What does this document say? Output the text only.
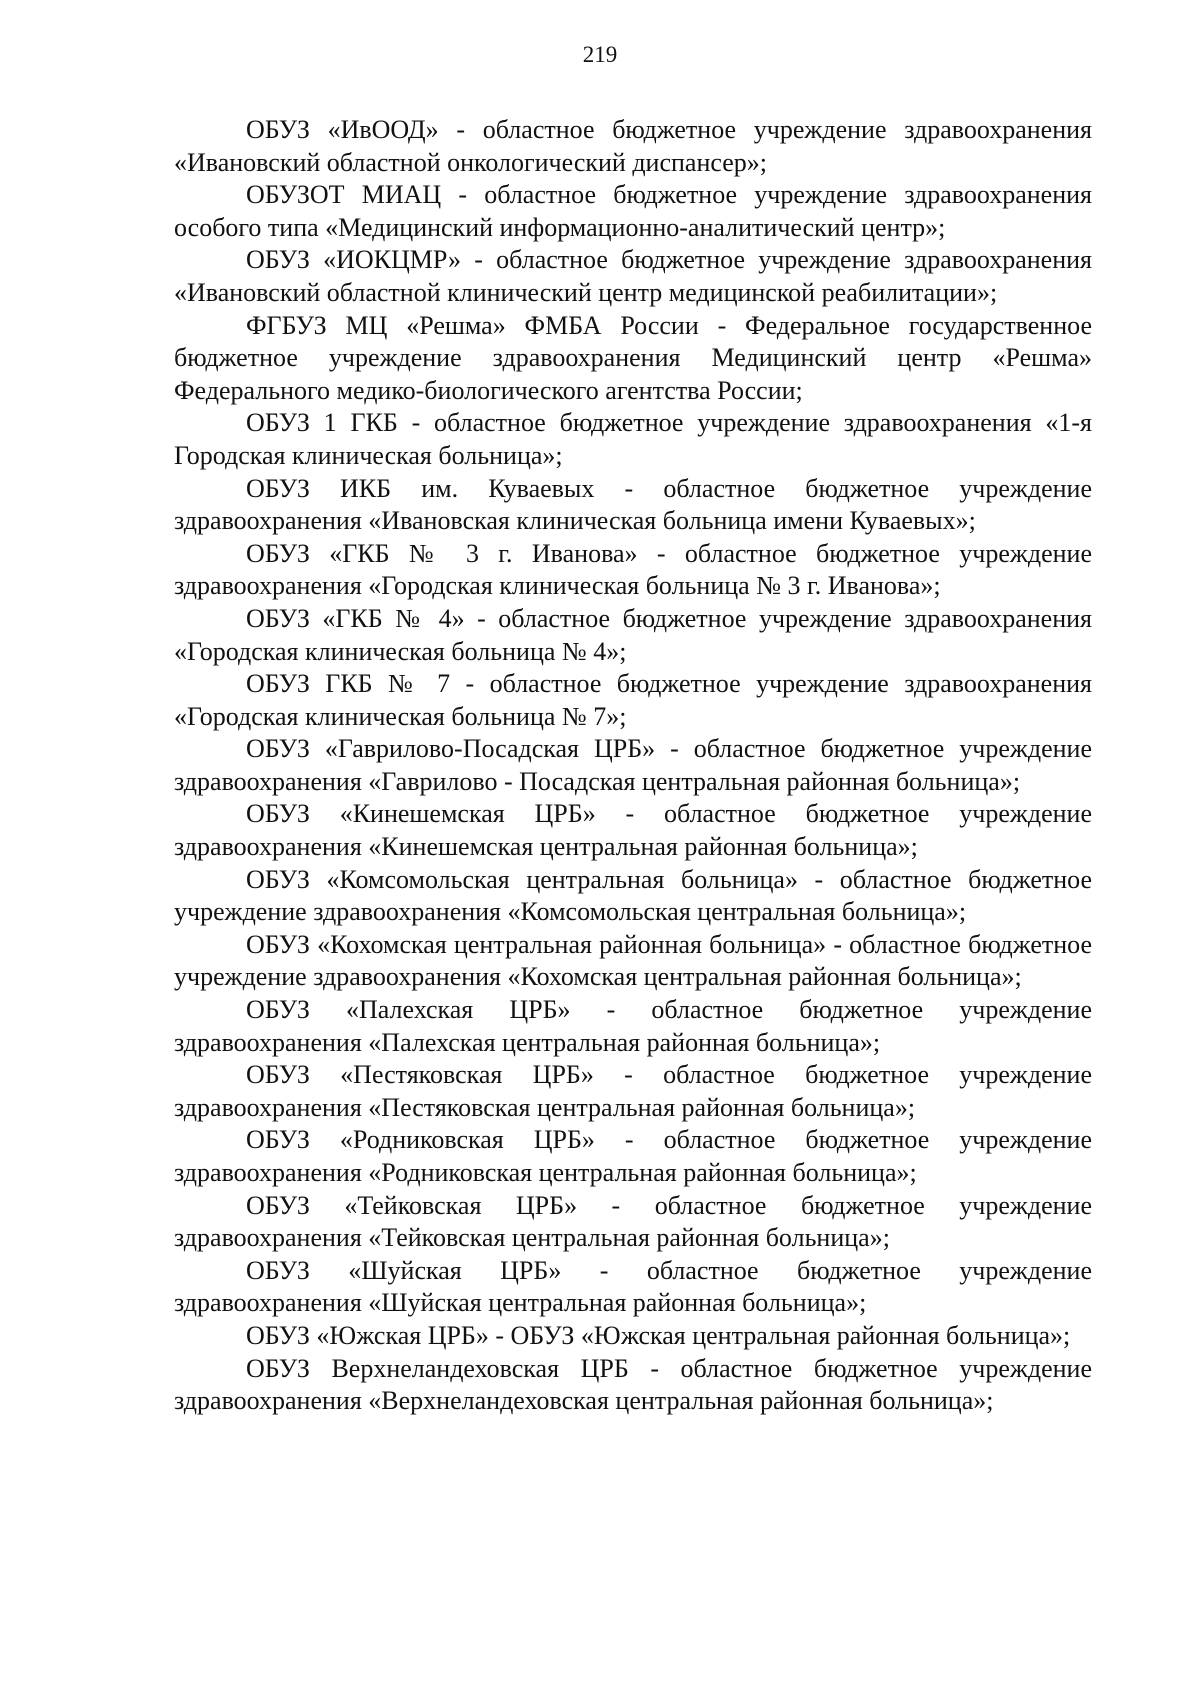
219

ОБУЗ «ИвООД» - областное бюджетное учреждение здравоохранения «Ивановский областной онкологический диспансер»;

ОБУЗОТ МИАЦ - областное бюджетное учреждение здравоохранения особого типа «Медицинский информационно-аналитический центр»;

ОБУЗ «ИОКЦМР» - областное бюджетное учреждение здравоохранения «Ивановский областной клинический центр медицинской реабилитации»;

ФГБУЗ МЦ «Решма» ФМБА России - Федеральное государственное бюджетное учреждение здравоохранения Медицинский центр «Решма» Федерального медико-биологического агентства России;

ОБУЗ 1 ГКБ - областное бюджетное учреждение здравоохранения «1-я Городская клиническая больница»;

ОБУЗ ИКБ им. Куваевых - областное бюджетное учреждение здравоохранения «Ивановская клиническая больница имени Куваевых»;

ОБУЗ «ГКБ № 3 г. Иванова» - областное бюджетное учреждение здравоохранения «Городская клиническая больница № 3 г. Иванова»;

ОБУЗ «ГКБ № 4» - областное бюджетное учреждение здравоохранения «Городская клиническая больница № 4»;

ОБУЗ ГКБ № 7 - областное бюджетное учреждение здравоохранения «Городская клиническая больница № 7»;

ОБУЗ «Гаврилово-Посадская ЦРБ» - областное бюджетное учреждение здравоохранения «Гаврилово - Посадская центральная районная больница»;

ОБУЗ «Кинешемская ЦРБ» - областное бюджетное учреждение здравоохранения «Кинешемская центральная районная больница»;

ОБУЗ «Комсомольская центральная больница» - областное бюджетное учреждение здравоохранения «Комсомольская центральная больница»;

ОБУЗ «Кохомская центральная районная больница» - областное бюджетное учреждение здравоохранения «Кохомская центральная районная больница»;

ОБУЗ «Палехская ЦРБ» - областное бюджетное учреждение здравоохранения «Палехская центральная районная больница»;

ОБУЗ «Пестяковская ЦРБ» - областное бюджетное учреждение здравоохранения «Пестяковская центральная районная больница»;

ОБУЗ «Родниковская ЦРБ» - областное бюджетное учреждение здравоохранения «Родниковская центральная районная больница»;

ОБУЗ «Тейковская ЦРБ» - областное бюджетное учреждение здравоохранения «Тейковская центральная районная больница»;

ОБУЗ «Шуйская ЦРБ» - областное бюджетное учреждение здравоохранения «Шуйская центральная районная больница»;

ОБУЗ «Южская ЦРБ» - ОБУЗ «Южская центральная районная больница»;

ОБУЗ Верхнеландеховская ЦРБ - областное бюджетное учреждение здравоохранения «Верхнеландеховская центральная районная больница»;
